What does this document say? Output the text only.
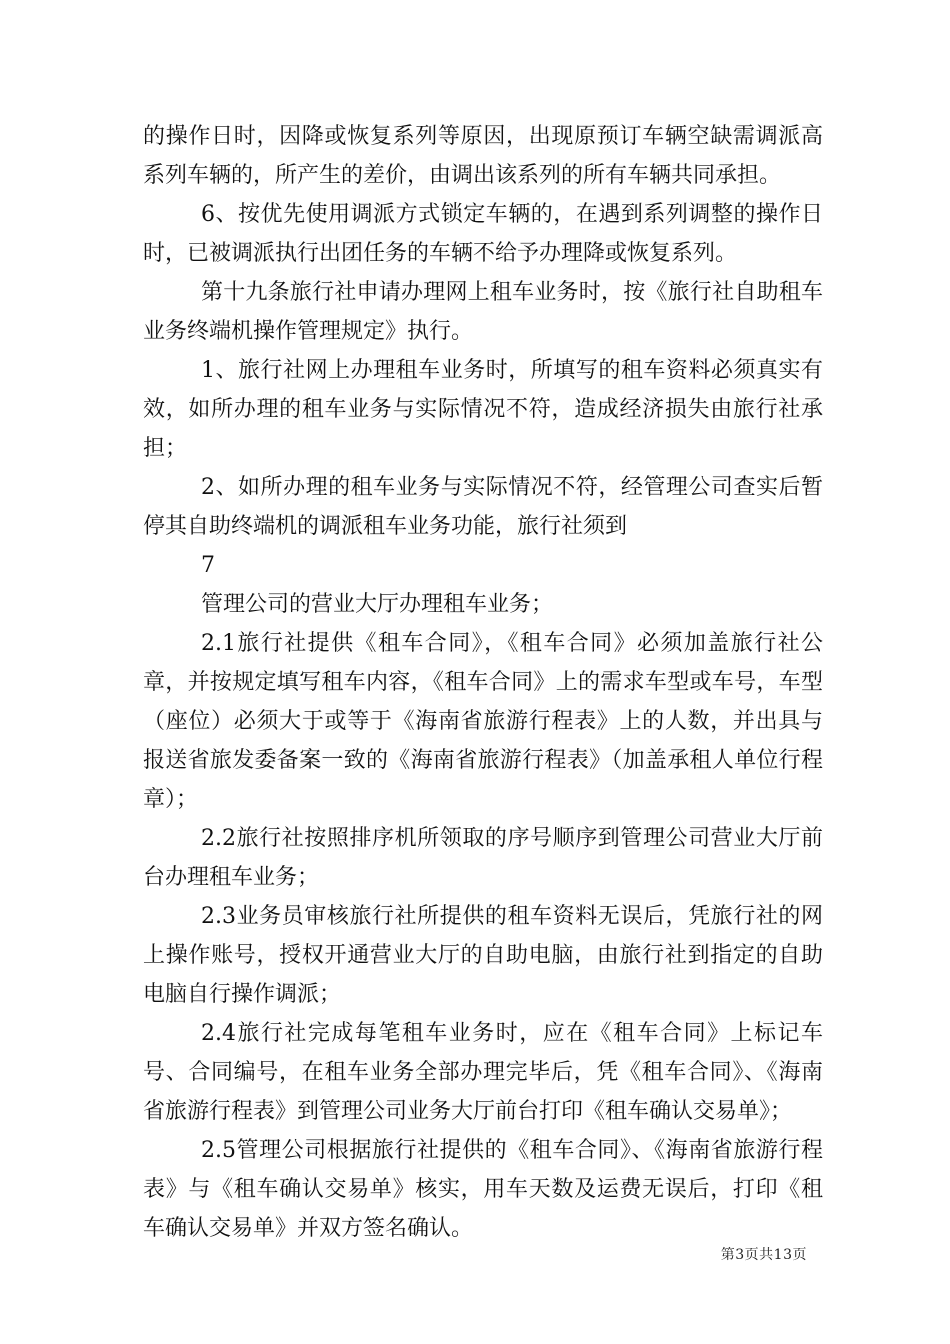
的操作日时，因降或恢复系列等原因，出现原预订车辆空缺需调派高系列车辆的，所产生的差价，由调出该系列的所有车辆共同承担。

6、按优先使用调派方式锁定车辆的，在遇到系列调整的操作日时，已被调派执行出团任务的车辆不给予办理降或恢复系列。

第十九条旅行社申请办理网上租车业务时，按《旅行社自助租车业务终端机操作管理规定》执行。

1、旅行社网上办理租车业务时，所填写的租车资料必须真实有效，如所办理的租车业务与实际情况不符，造成经济损失由旅行社承担；

2、如所办理的租车业务与实际情况不符，经管理公司查实后暂停其自助终端机的调派租车业务功能，旅行社须到

7

管理公司的营业大厅办理租车业务；

2.1旅行社提供《租车合同》，《租车合同》必须加盖旅行社公章，并按规定填写租车内容，《租车合同》上的需求车型或车号，车型（座位）必须大于或等于《海南省旅游行程表》上的人数，并出具与报送省旅发委备案一致的《海南省旅游行程表》（加盖承租人单位行程章）；

2.2旅行社按照排序机所领取的序号顺序到管理公司营业大厅前台办理租车业务；

2.3业务员审核旅行社所提供的租车资料无误后，凭旅行社的网上操作账号，授权开通营业大厅的自助电脑，由旅行社到指定的自助电脑自行操作调派；

2.4旅行社完成每笔租车业务时，应在《租车合同》上标记车号、合同编号，在租车业务全部办理完毕后，凭《租车合同》、《海南省旅游行程表》到管理公司业务大厅前台打印《租车确认交易单》；

2.5管理公司根据旅行社提供的《租车合同》、《海南省旅游行程表》与《租车确认交易单》核实，用车天数及运费无误后，打印《租车确认交易单》并双方签名确认。

第3页共13页
